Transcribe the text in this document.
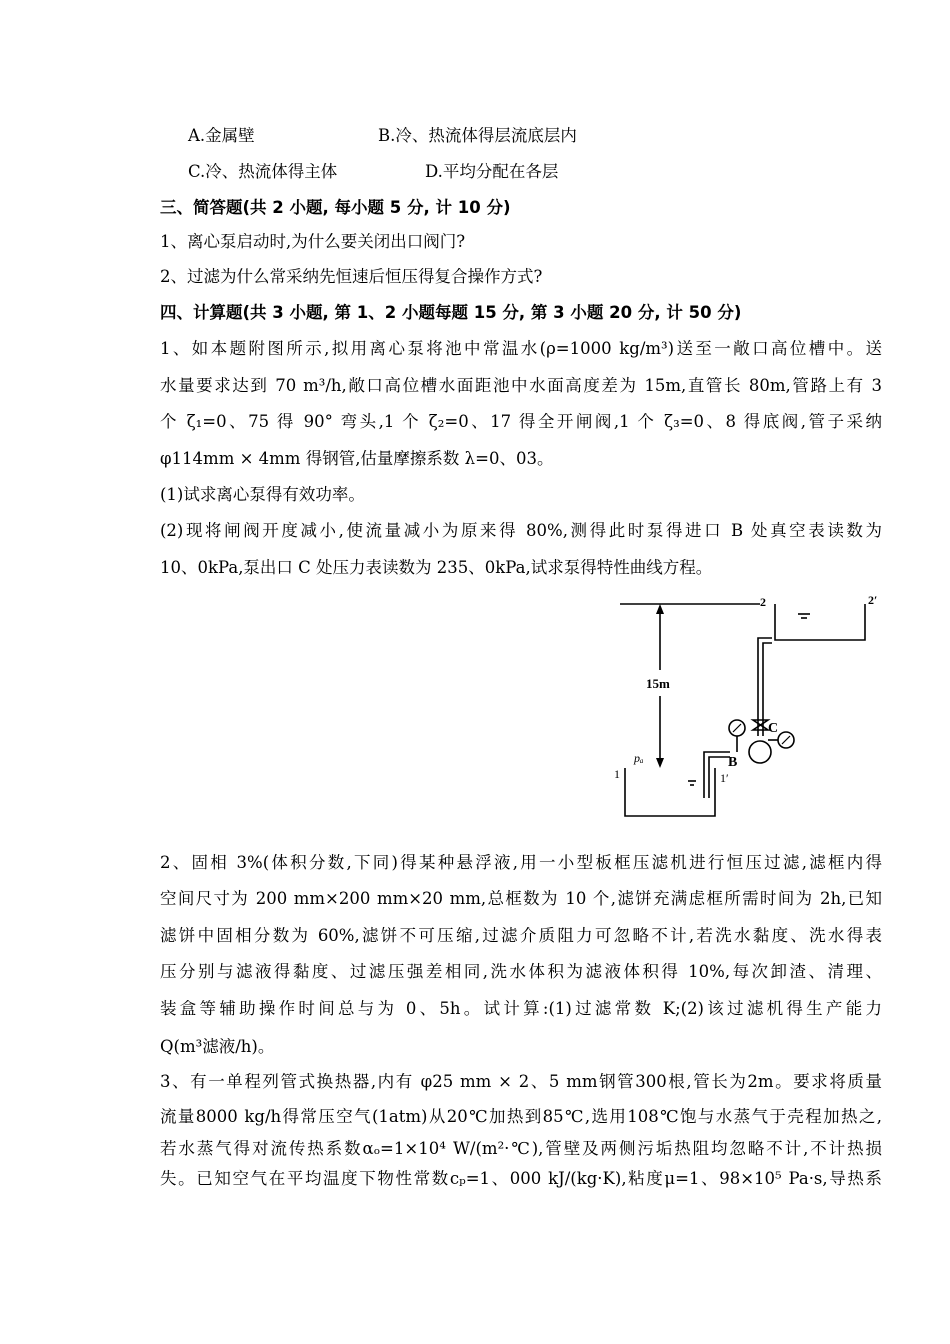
A.金属壁	B.冷、热流体得层流底层内
C.冷、热流体得主体	D.平均分配在各层
三、简答题(共 2 小题, 每小题 5 分, 计 10 分)
1、离心泵启动时,为什么要关闭出口阀门?
2、过滤为什么常采纳先恒速后恒压得复合操作方式?
四、计算题(共 3 小题, 第 1、2 小题每题 15 分, 第 3 小题 20 分, 计 50 分)
1、如本题附图所示,拟用离心泵将池中常温水(ρ=1000 kg/m³)送至一敞口高位槽中。送
水量要求达到 70 m³/h,敞口高位槽水面距池中水面高度差为 15m,直管长 80m,管路上有 3
个 ζ₁=0、75 得 90° 弯头,1 个 ζ₂=0、17 得全开闸阀,1 个 ζ₃=0、8 得底阀,管子采纳
φ114mm × 4mm 得钢管,估量摩擦系数 λ=0、03。
(1)试求离心泵得有效功率。
(2)现将闸阀开度减小,使流量减小为原来得 80%,测得此时泵得进口 B 处真空表读数为
10、0kPa,泵出口 C 处压力表读数为 235、0kPa,试求泵得特性曲线方程。
15m
pₐ
1	1′
2	2′
B
C
2、固相 3%(体积分数,下同)得某种悬浮液,用一小型板框压滤机进行恒压过滤,滤框内得
空间尺寸为 200 mm×200 mm×20 mm,总框数为 10 个,滤饼充满虑框所需时间为 2h,已知
滤饼中固相分数为 60%,滤饼不可压缩,过滤介质阻力可忽略不计,若洗水黏度、洗水得表
压分别与滤液得黏度、过滤压强差相同,洗水体积为滤液体积得 10%,每次卸渣、清理、
装盒等辅助操作时间总与为 0、5h。试计算:(1)过滤常数 K;(2)该过滤机得生产能力
Q(m³滤液/h)。
3、有一单程列管式换热器,内有 φ25 mm × 2、5 mm钢管300根,管长为2m。要求将质量
流量8000 kg/h得常压空气(1atm)从20℃加热到85℃,选用108℃饱与水蒸气于壳程加热之,
若水蒸气得对流传热系数αₒ=1×10⁴ W/(m²·℃),管壁及两侧污垢热阻均忽略不计,不计热损
失。已知空气在平均温度下物性常数cₚ=1、000 kJ/(kg·K),粘度μ=1、98×10⁵ Pa·s,导热系
